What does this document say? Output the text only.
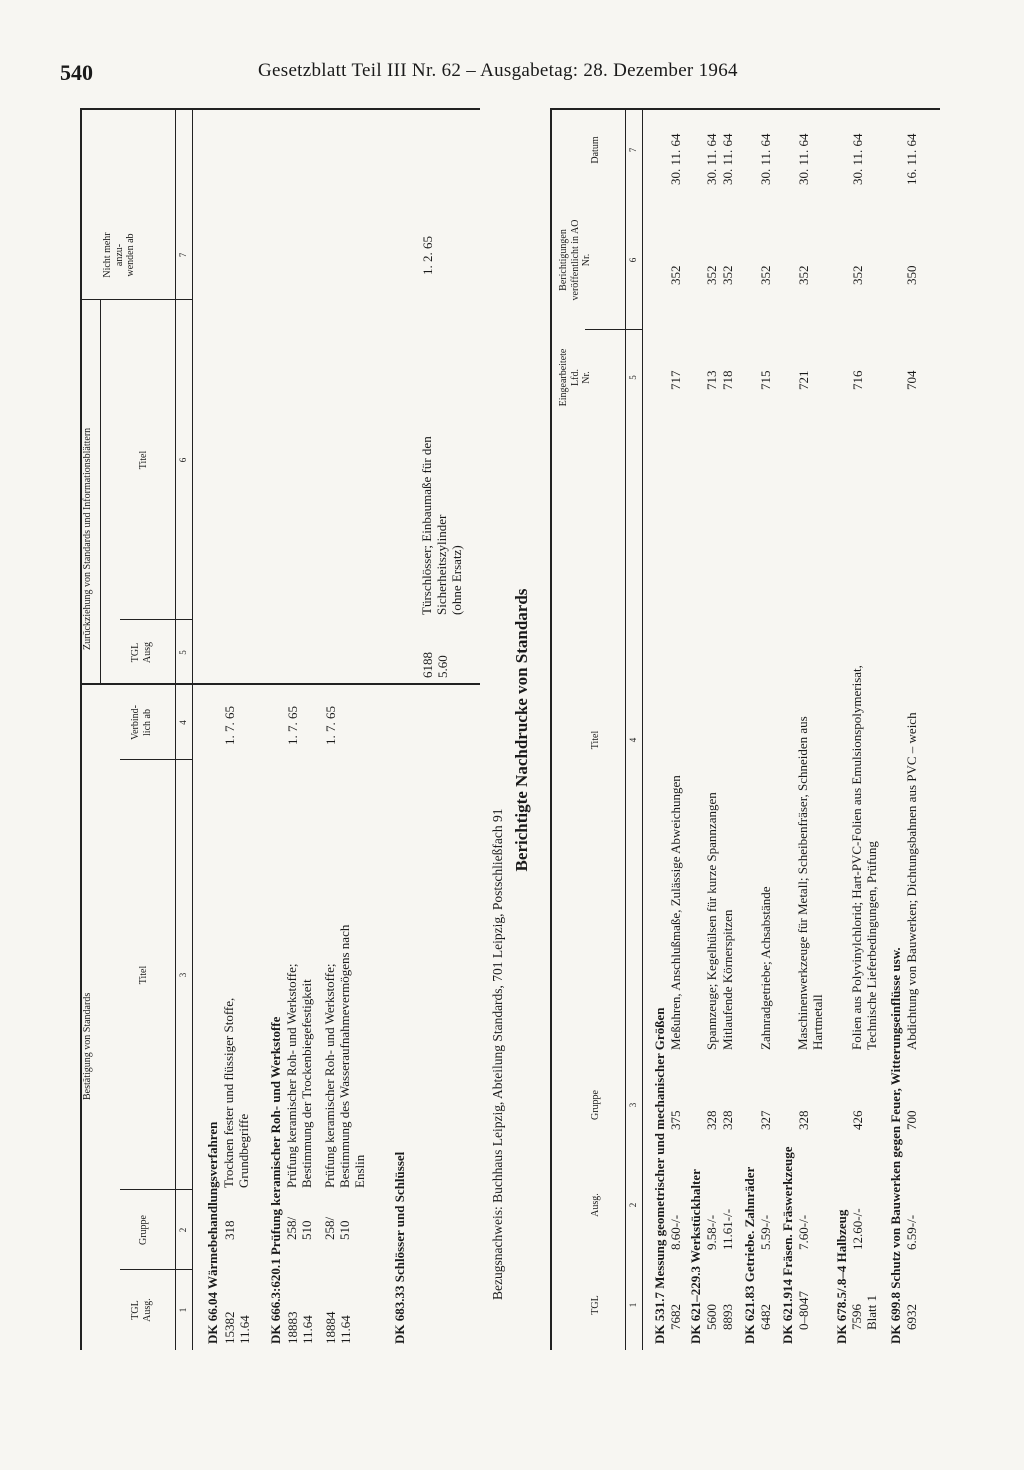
540	Gesetzblatt Teil III Nr. 62 – Ausgabetag: 28. Dezember 1964
Bestätigung von Standards
Zurückziehung von Standards und Informationsblättern
TGL
Ausg.
Gruppe
Titel
Verbind-
lich ab
TGL
Ausg
Titel
Nicht mehr
anzu-
wenden ab
1
2
3
4
5
6
7
DK 66.04 Wärmebehandlungsverfahren 15382 11.64
318
Trocknen fester und flüssiger Stoffe,
Grundbegriffe
1. 7. 65
DK 666.3:620.1 Prüfung keramischer Roh- und Werkstoffe 18883 11.64
258/
510
Prüfung keramischer Roh- und Werkstoffe;
Bestimmung der Trockenbiegefestigkeit
1. 7. 65
18884 11.64
258/
510
Prüfung keramischer Roh- und Werkstoffe;
Bestimmung des Wasseraufnahmevermögens nach
Enslin
1. 7. 65
DK 683.33 Schlösser und Schlüssel
6188 5.60
Türschlösser; Einbaumaße für den
Sicherheitszylinder
(ohne Ersatz)
1. 2. 65
Bezugsnachweis: Buchhaus Leipzig, Abteilung Standards, 701 Leipzig, Postschließfach 91
Berichtigte Nachdrucke von Standards
TGL
Ausg.
Gruppe
Titel
Eingearbeitete
Lfd.
Nr.
Berichtigungen
veröffentlicht in AO
Nr.
Datum
1
2
3
4
5
6
7
DK 531.7 Messung geometrischer und mechanischer Größen 7682
8.60-/-
375
Meßuhren, Anschlußmaße, Zulässige Abweichungen
717
352
30. 11. 64
DK 621–229.3 Werkstückhalter 5600
9.58-/-
328
Spannzeuge; Kegelhülsen für kurze Spannzangen
713
352
30. 11. 64
8893
11.61-/-
328
Mitlaufende Körnerspitzen
718
352
30. 11. 64
DK 621.83 Getriebe. Zahnräder 6482
5.59-/-
327
Zahnradgetriebe; Achsabstände
715
352
30. 11. 64
DK 621.914 Fräsen. Fräswerkzeuge 0–8047
7.60-/-
328
Maschinenwerkzeuge für Metall; Scheibenfräser, Schneiden aus
Hartmetall
721
352
30. 11. 64
DK 678.5/.8–4 Halbzeug 7596
Blatt 1
12.60-/-
426
Folien aus Polyvinylchlorid; Hart-PVC-Folien aus Emulsionspolymerisat,
Technische Lieferbedingungen, Prüfung
716
352
30. 11. 64
DK 699.8 Schutz von Bauwerken gegen Feuer, Witterungseinflüsse usw. 6932
6.59-/-
700
Abdichtung von Bauwerken; Dichtungsbahnen aus PVC – weich
704
350
16. 11. 64
